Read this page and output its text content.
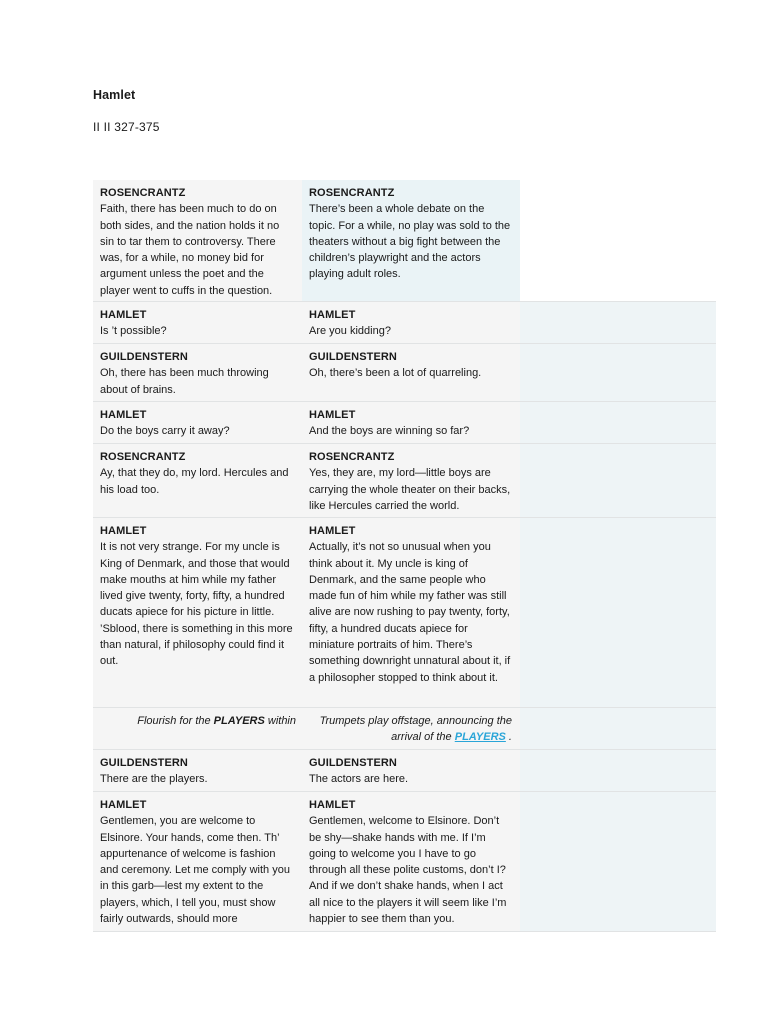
Hamlet
II II 327-375
ROSENCRANTZ
Faith, there has been much to do on both sides, and the nation holds it no sin to tar them to controversy. There was, for a while, no money bid for argument unless the poet and the player went to cuffs in the question.
ROSENCRANTZ
There’s been a whole debate on the topic. For a while, no play was sold to the theaters without a big fight between the children’s playwright and the actors playing adult roles.
HAMLET
Is ’t possible?
HAMLET
Are you kidding?
GUILDENSTERN
Oh, there has been much throwing about of brains.
GUILDENSTERN
Oh, there’s been a lot of quarreling.
HAMLET
Do the boys carry it away?
HAMLET
And the boys are winning so far?
ROSENCRANTZ
Ay, that they do, my lord. Hercules and his load too.
ROSENCRANTZ
Yes, they are, my lord—little boys are carrying the whole theater on their backs, like Hercules carried the world.
HAMLET
It is not very strange. For my uncle is King of Denmark, and those that would make mouths at him while my father lived give twenty, forty, fifty, a hundred ducats apiece for his picture in little. ’Sblood, there is something in this more than natural, if philosophy could find it out.
HAMLET
Actually, it’s not so unusual when you think about it. My uncle is king of Denmark, and the same people who made fun of him while my father was still alive are now rushing to pay twenty, forty, fifty, a hundred ducats apiece for miniature portraits of him. There’s something downright unnatural about it, if a philosopher stopped to think about it.
Flourish for the PLAYERS within	Trumpets play offstage, announcing the arrival of the PLAYERS .
GUILDENSTERN
There are the players.
GUILDENSTERN
The actors are here.
HAMLET
Gentlemen, you are welcome to Elsinore. Your hands, come then. Th’ appurtenance of welcome is fashion and ceremony. Let me comply with you in this garb—lest my extent to the players, which, I tell you, must show fairly outwards, should more
HAMLET
Gentlemen, welcome to Elsinore. Don’t be shy—shake hands with me. If I’m going to welcome you I have to go through all these polite customs, don’t I? And if we don’t shake hands, when I act all nice to the players it will seem like I’m happier to see them than you.
